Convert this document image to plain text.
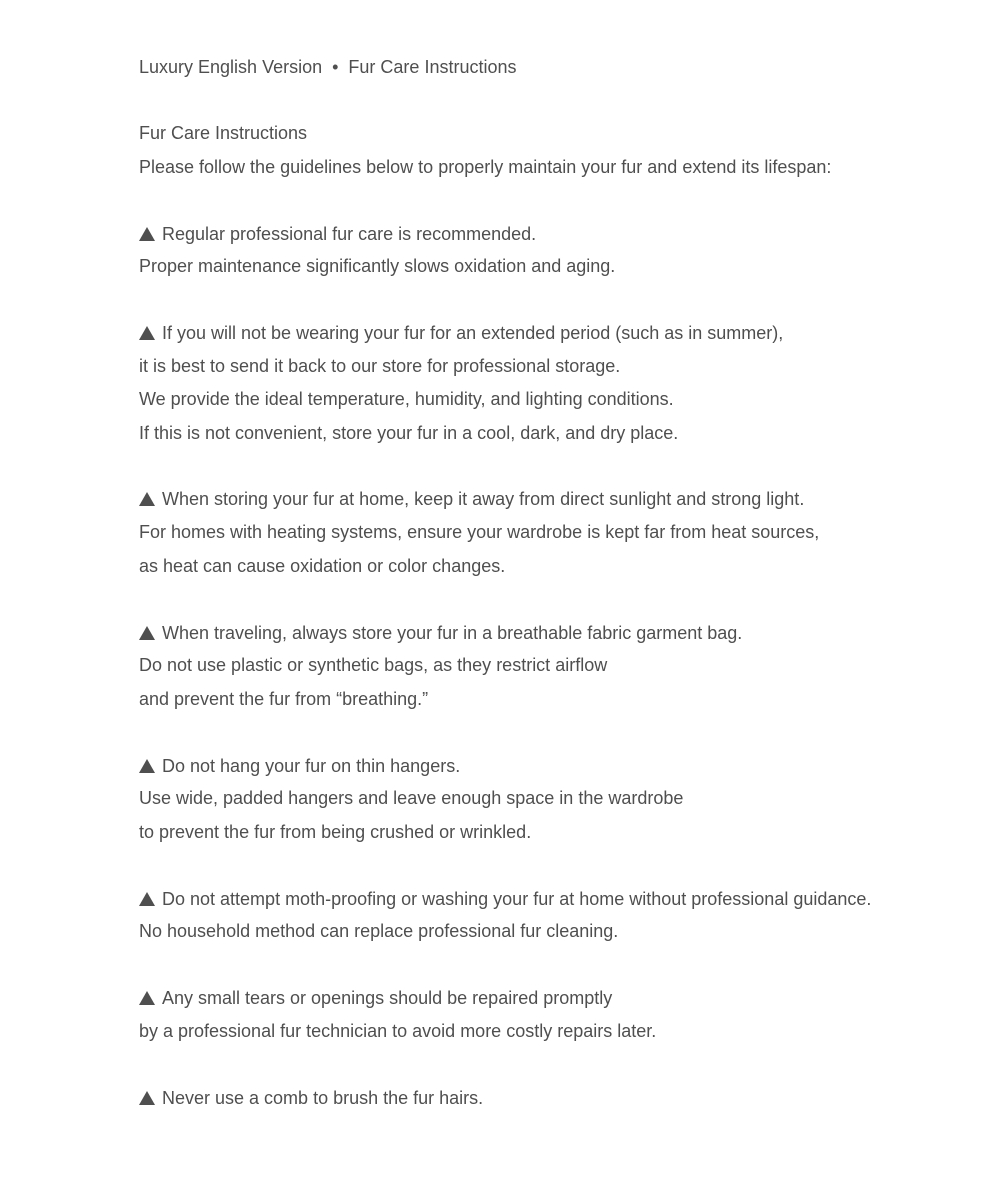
Luxury English Version • Fur Care Instructions
Fur Care Instructions
Please follow the guidelines below to properly maintain your fur and extend its lifespan:
Regular professional fur care is recommended.
Proper maintenance significantly slows oxidation and aging.
If you will not be wearing your fur for an extended period (such as in summer),
it is best to send it back to our store for professional storage.
We provide the ideal temperature, humidity, and lighting conditions.
If this is not convenient, store your fur in a cool, dark, and dry place.
When storing your fur at home, keep it away from direct sunlight and strong light.
For homes with heating systems, ensure your wardrobe is kept far from heat sources,
as heat can cause oxidation or color changes.
When traveling, always store your fur in a breathable fabric garment bag.
Do not use plastic or synthetic bags, as they restrict airflow
and prevent the fur from “breathing.”
Do not hang your fur on thin hangers.
Use wide, padded hangers and leave enough space in the wardrobe
to prevent the fur from being crushed or wrinkled.
Do not attempt moth-proofing or washing your fur at home without professional guidance.
No household method can replace professional fur cleaning.
Any small tears or openings should be repaired promptly
by a professional fur technician to avoid more costly repairs later.
Never use a comb to brush the fur hairs.
